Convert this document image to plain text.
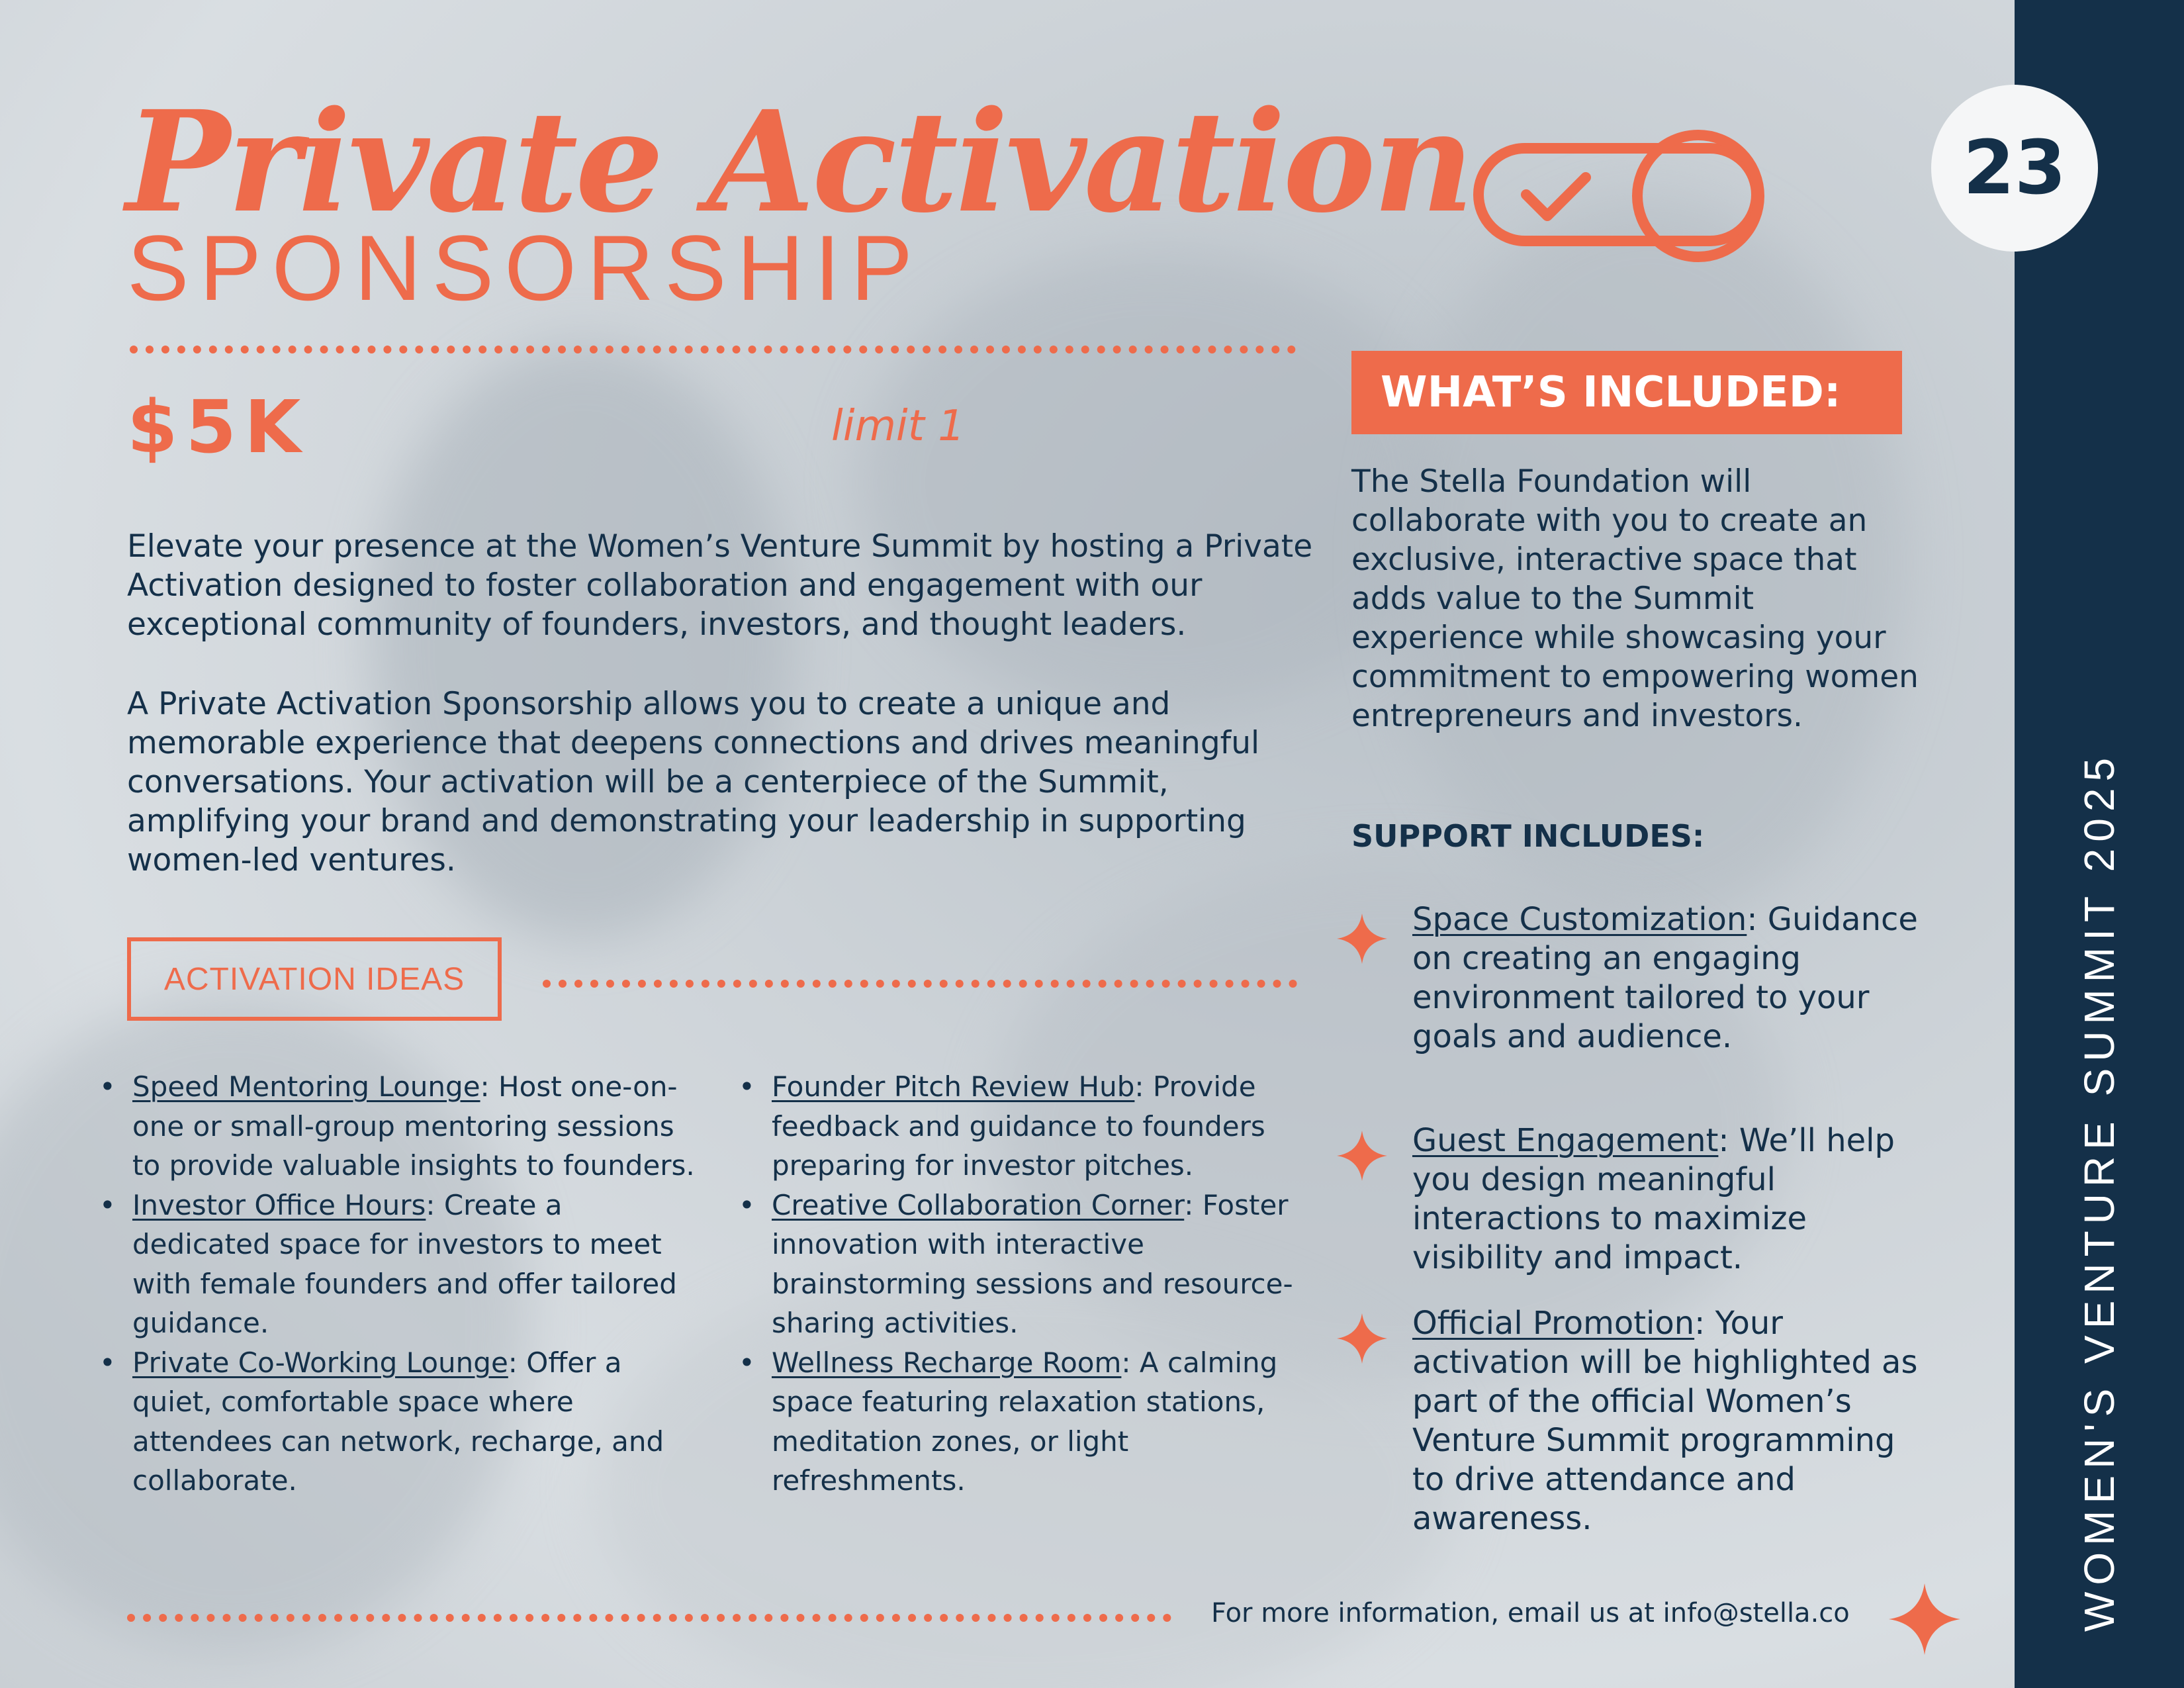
23
WOMEN'S VENTURE SUMMIT 2025
Private Activation
SPONSORSHIP
$5K	limit 1

Elevate your presence at the Women’s Venture Summit by hosting a Private Activation designed to foster collaboration and engagement with our exceptional community of founders, investors, and thought leaders.

A Private Activation Sponsorship allows you to create a unique and memorable experience that deepens connections and drives meaningful conversations. Your activation will be a centerpiece of the Summit, amplifying your brand and demonstrating your leadership in supporting women-led ventures.

ACTIVATION IDEAS
• Speed Mentoring Lounge: Host one-on-one or small-group mentoring sessions to provide valuable insights to founders.
• Investor Office Hours: Create a dedicated space for investors to meet with female founders and offer tailored guidance.
• Private Co-Working Lounge: Offer a quiet, comfortable space where attendees can network, recharge, and collaborate.
• Founder Pitch Review Hub: Provide feedback and guidance to founders preparing for investor pitches.
• Creative Collaboration Corner: Foster innovation with interactive brainstorming sessions and resource-sharing activities.
• Wellness Recharge Room: A calming space featuring relaxation stations, meditation zones, or light refreshments.
WHAT’S INCLUDED:

The Stella Foundation will collaborate with you to create an exclusive, interactive space that adds value to the Summit experience while showcasing your commitment to empowering women entrepreneurs and investors.

SUPPORT INCLUDES:
Space Customization: Guidance on creating an engaging environment tailored to your goals and audience.
Guest Engagement: We’ll help you design meaningful interactions to maximize visibility and impact.
Official Promotion: Your activation will be highlighted as part of the official Women’s Venture Summit programming to drive attendance and awareness.
For more information, email us at info@stella.co
